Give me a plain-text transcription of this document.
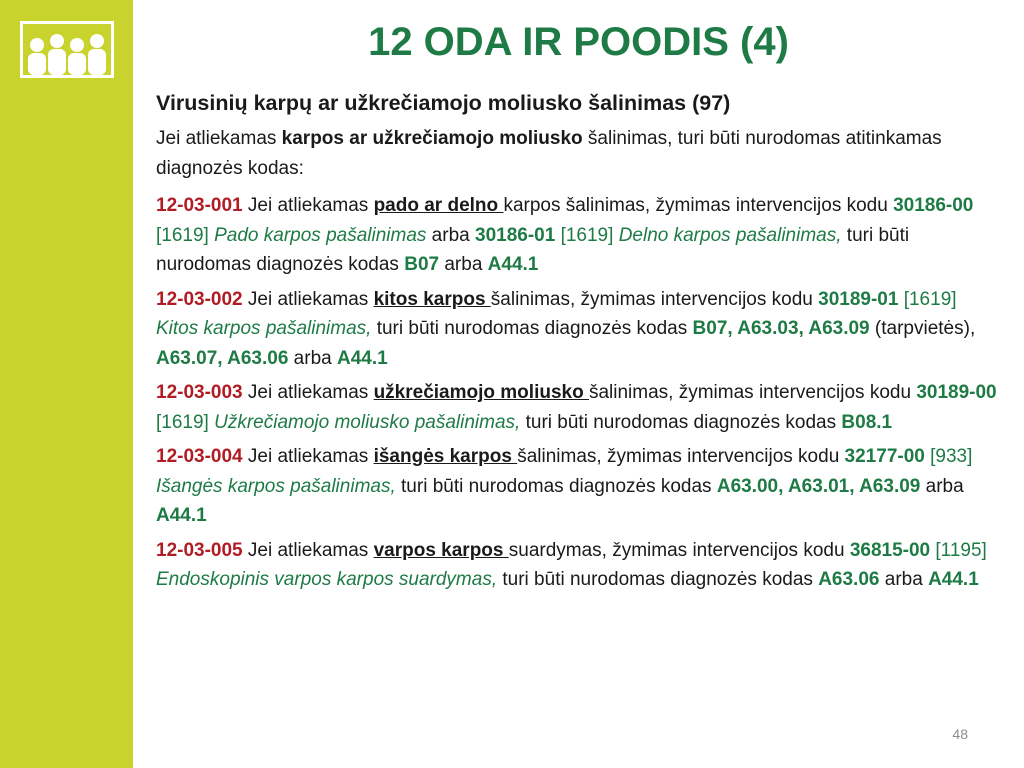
12 ODA IR POODIS (4)

Virusinių karpų ar užkrečiamojo moliusko šalinimas (97)

Jei atliekamas karpos ar užkrečiamojo moliusko šalinimas, turi būti nurodomas atitinkamas diagnozės kodas:

12-03-001 Jei atliekamas pado ar delno karpos šalinimas, žymimas intervencijos kodu 30186-00 [1619] Pado karpos pašalinimas arba 30186-01 [1619] Delno karpos pašalinimas, turi būti nurodomas diagnozės kodas B07 arba A44.1

12-03-002 Jei atliekamas kitos karpos šalinimas, žymimas intervencijos kodu 30189-01 [1619] Kitos karpos pašalinimas, turi būti nurodomas diagnozės kodas B07, A63.03, A63.09 (tarpvietės), A63.07, A63.06 arba A44.1

12-03-003 Jei atliekamas užkrečiamojo moliusko šalinimas, žymimas intervencijos kodu 30189-00 [1619] Užkrečiamojo moliusko pašalinimas, turi būti nurodomas diagnozės kodas B08.1

12-03-004 Jei atliekamas išangės karpos šalinimas, žymimas intervencijos kodu 32177-00 [933] Išangės karpos pašalinimas, turi būti nurodomas diagnozės kodas A63.00, A63.01, A63.09 arba A44.1

12-03-005 Jei atliekamas varpos karpos suardymas, žymimas intervencijos kodu 36815-00 [1195] Endoskopinis varpos karpos suardymas, turi būti nurodomas diagnozės kodas A63.06 arba A44.1

48
